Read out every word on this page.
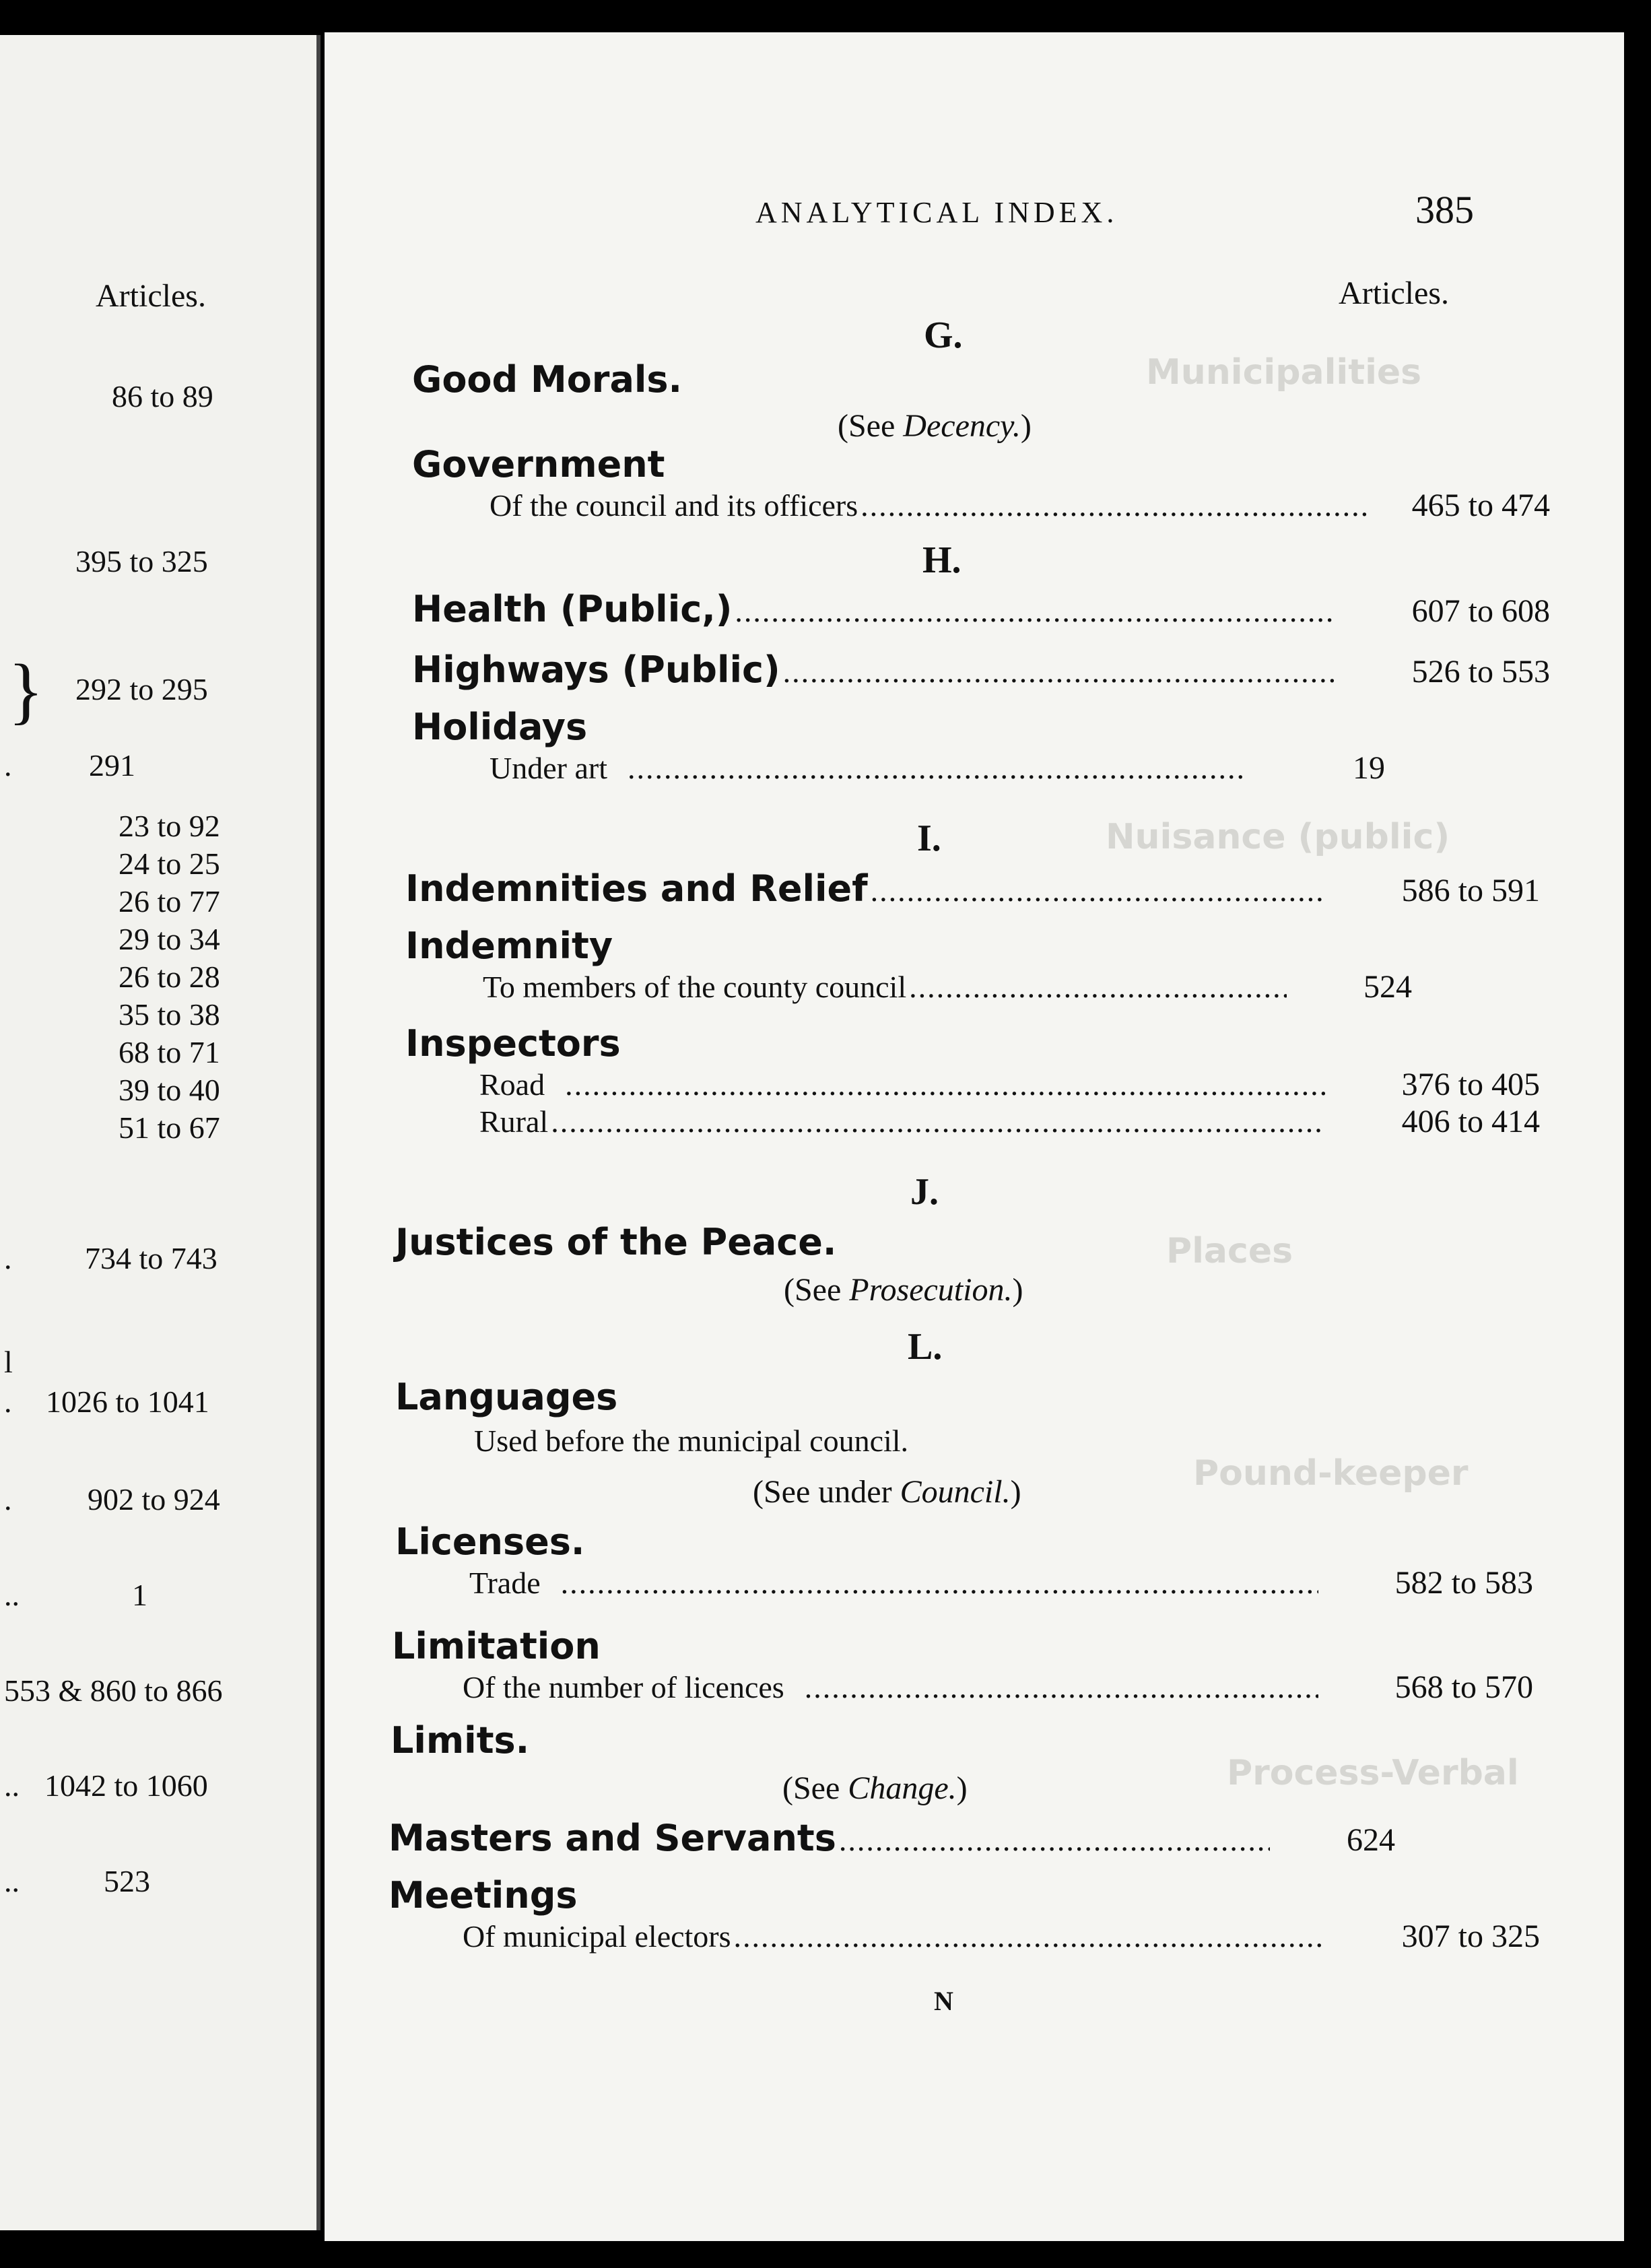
Articles.
86 to 89
395 to 325
} 292 to 295
. 291
23 to 92
24 to 25
26 to 77
29 to 34
26 to 28
35 to 38
68 to 71
39 to 40
51 to 67
. 734 to 743
l
. 1026 to 1041
. 902 to 924
..	1
553 & 860 to 866
.. 1042 to 1060
..	523
Municipalities
Nuisance (public)
Places
Pound-keeper
Process-Verbal
ANALYTICAL INDEX.	385
Articles.
G.
Good Morals.
(See Decency.)
Government
Of the council and its officers .....	465 to 474
H.
Health (Public,) .....	607 to 608
Highways (Public) .....	526 to 553
Holidays
Under art .....	19
I.
Indemnities and Relief .....	586 to 591
Indemnity
To members of the county council .....	524
Inspectors
Road .....	376 to 405
Rural .....	406 to 414
J.
Justices of the Peace.
(See Prosecution.)
L.
Languages
Used before the municipal council.
(See under Council.)
Licenses.
Trade .....	582 to 583
Limitation
Of the number of licences .....	568 to 570
Limits.
(See Change.)
Masters and Servants .....	624
Meetings
Of municipal electors .....	307 to 325
N
